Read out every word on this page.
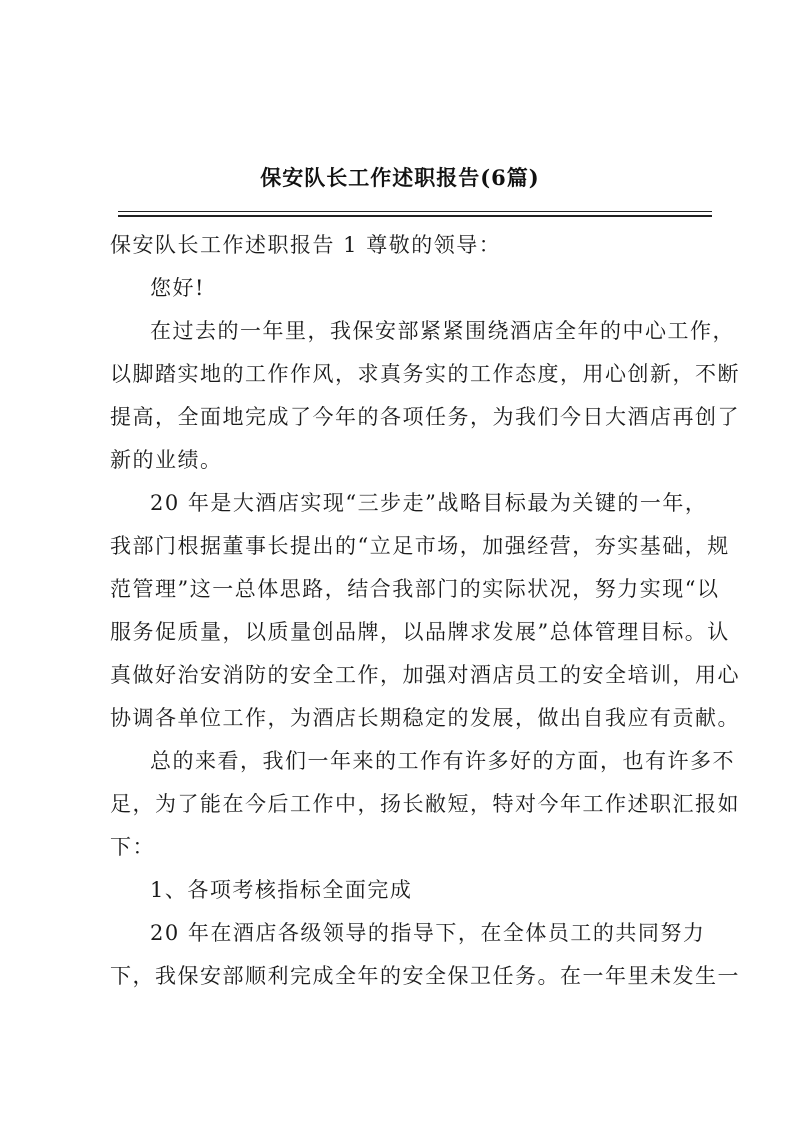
保安队长工作述职报告(6篇)
保安队长工作述职报告 1 尊敬的领导：
您好!
在过去的一年里，我保安部紧紧围绕酒店全年的中心工作，
以脚踏实地的工作作风，求真务实的工作态度，用心创新，不断
提高，全面地完成了今年的各项任务，为我们今日大酒店再创了
新的业绩。
20 年是大酒店实现“三步走”战略目标最为关键的一年，
我部门根据董事长提出的“立足市场，加强经营，夯实基础，规
范管理”这一总体思路，结合我部门的实际状况，努力实现“以
服务促质量，以质量创品牌，以品牌求发展”总体管理目标。认
真做好治安消防的安全工作，加强对酒店员工的安全培训，用心
协调各单位工作，为酒店长期稳定的发展，做出自我应有贡献。
总的来看，我们一年来的工作有许多好的方面，也有许多不
足，为了能在今后工作中，扬长敝短，特对今年工作述职汇报如
下：
1、各项考核指标全面完成
20 年在酒店各级领导的指导下，在全体员工的共同努力
下，我保安部顺利完成全年的安全保卫任务。在一年里未发生一
